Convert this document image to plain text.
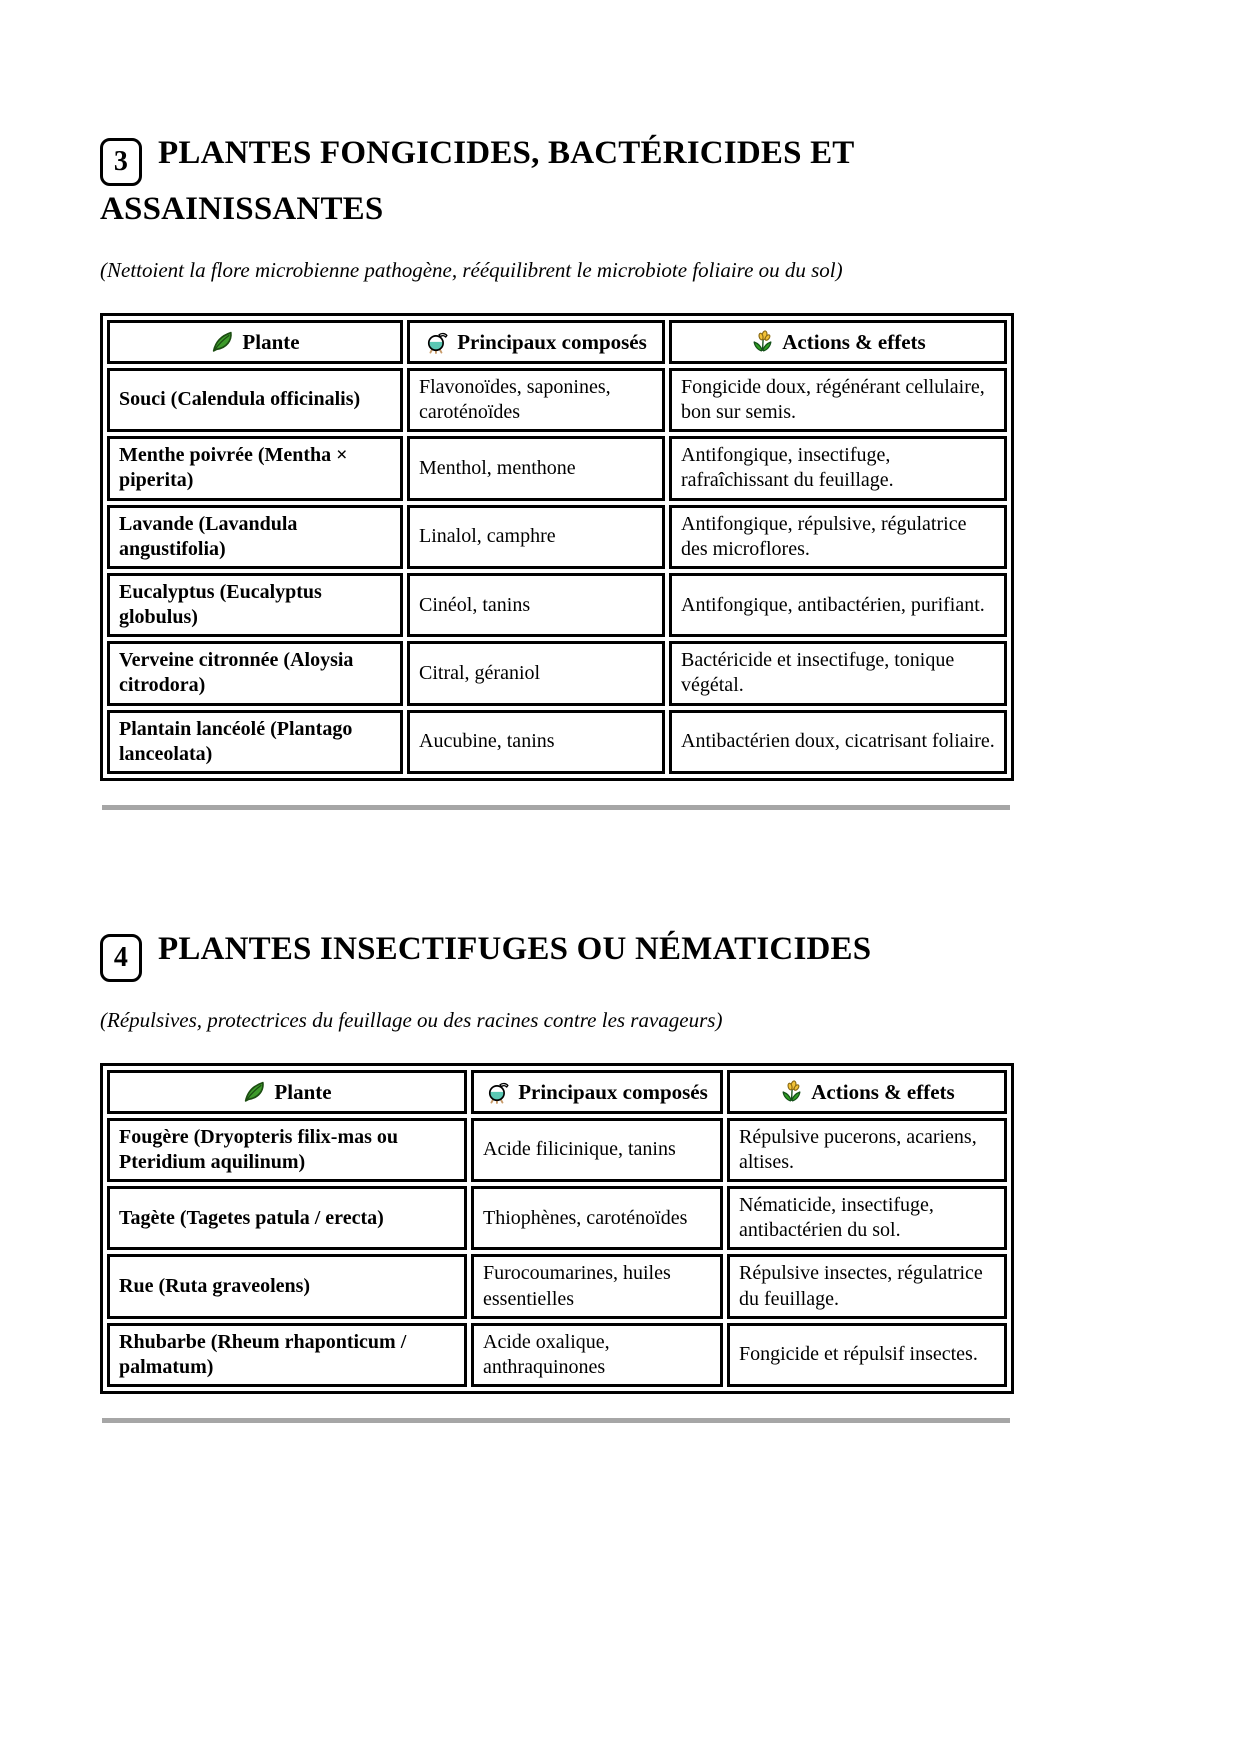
3 PLANTES FONGICIDES, BACTÉRICIDES ET ASSAINISSANTES

(Nettoient la flore microbienne pathogène, rééquilibrent le microbiote foliaire ou du sol)

Plante	Principaux composés	Actions & effets
Souci (Calendula officinalis)	Flavonoïdes, saponines, caroténoïdes	Fongicide doux, régénérant cellulaire, bon sur semis.
Menthe poivrée (Mentha × piperita)	Menthol, menthone	Antifongique, insectifuge, rafraîchissant du feuillage.
Lavande (Lavandula angustifolia)	Linalol, camphre	Antifongique, répulsive, régulatrice des microflores.
Eucalyptus (Eucalyptus globulus)	Cinéol, tanins	Antifongique, antibactérien, purifiant.
Verveine citronnée (Aloysia citrodora)	Citral, géraniol	Bactéricide et insectifuge, tonique végétal.
Plantain lancéolé (Plantago lanceolata)	Aucubine, tanins	Antibactérien doux, cicatrisant foliaire.
4 PLANTES INSECTIFUGES OU NÉMATICIDES

(Répulsives, protectrices du feuillage ou des racines contre les ravageurs)

Plante	Principaux composés	Actions & effets
Fougère (Dryopteris filix-mas ou Pteridium aquilinum)	Acide filicinique, tanins	Répulsive pucerons, acariens, altises.
Tagète (Tagetes patula / erecta)	Thiophènes, caroténoïdes	Nématicide, insectifuge, antibactérien du sol.
Rue (Ruta graveolens)	Furocoumarines, huiles essentielles	Répulsive insectes, régulatrice du feuillage.
Rhubarbe (Rheum rhaponticum / palmatum)	Acide oxalique, anthraquinones	Fongicide et répulsif insectes.
